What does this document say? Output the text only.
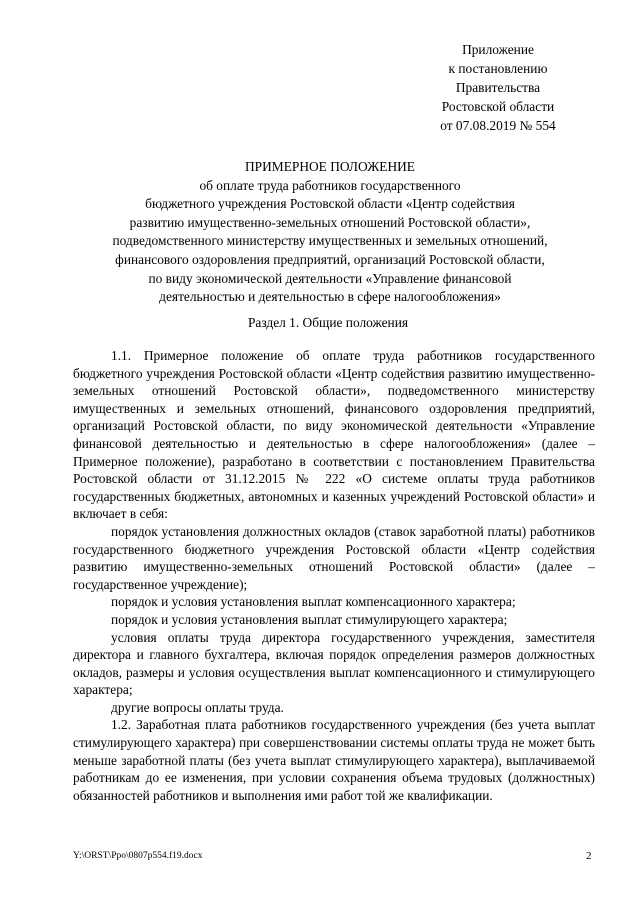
Приложение
к постановлению
Правительства
Ростовской области
от 07.08.2019 № 554
ПРИМЕРНОЕ ПОЛОЖЕНИЕ
об оплате труда работников государственного
бюджетного учреждения Ростовской области «Центр содействия
развитию имущественно-земельных отношений Ростовской области»,
подведомственного министерству имущественных и земельных отношений,
финансового оздоровления предприятий, организаций Ростовской области,
по виду экономической деятельности «Управление финансовой
деятельностью и деятельностью в сфере налогообложения»
Раздел 1. Общие положения

1.1. Примерное положение об оплате труда работников государственного бюджетного учреждения Ростовской области «Центр содействия развитию имущественно-земельных отношений Ростовской области», подведомственного министерству имущественных и земельных отношений, финансового оздоровления предприятий, организаций Ростовской области, по виду экономической деятельности «Управление финансовой деятельностью и деятельностью в сфере налогообложения» (далее – Примерное положение), разработано в соответствии с постановлением Правительства Ростовской области от 31.12.2015 № 222 «О системе оплаты труда работников государственных бюджетных, автономных и казенных учреждений Ростовской области» и включает в себя:

порядок установления должностных окладов (ставок заработной платы) работников государственного бюджетного учреждения Ростовской области «Центр содействия развитию имущественно-земельных отношений Ростовской области» (далее – государственное учреждение);

порядок и условия установления выплат компенсационного характера;

порядок и условия установления выплат стимулирующего характера;

условия оплаты труда директора государственного учреждения, заместителя директора и главного бухгалтера, включая порядок определения размеров должностных окладов, размеры и условия осуществления выплат компенсационного и стимулирующего характера;

другие вопросы оплаты труда.

1.2. Заработная плата работников государственного учреждения (без учета выплат стимулирующего характера) при совершенствовании системы оплаты труда не может быть меньше заработной платы (без учета выплат стимулирующего характера), выплачиваемой работникам до ее изменения, при условии сохранения объема трудовых (должностных) обязанностей работников и выполнения ими работ той же квалификации.

Y:\ORST\Ppo\0807p554.f19.docx	2
